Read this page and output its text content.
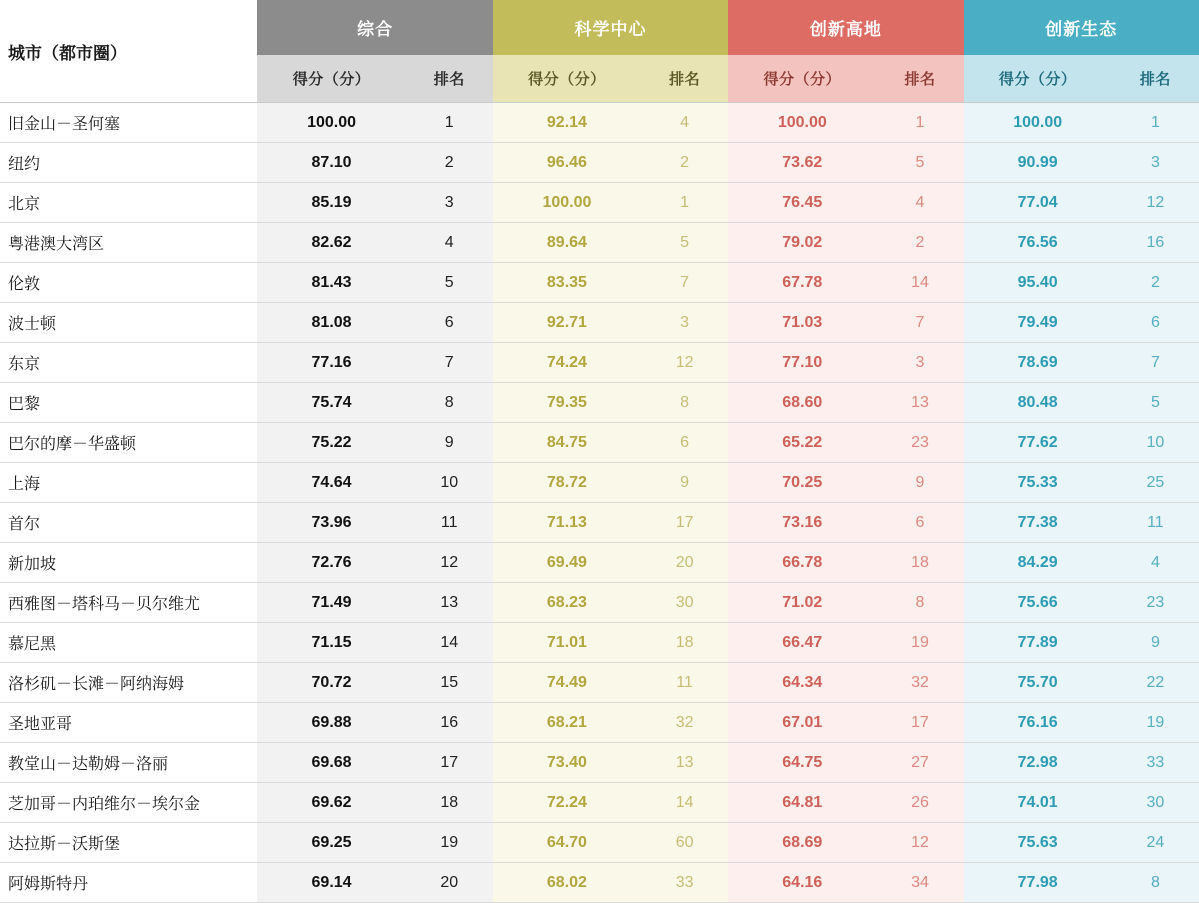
城市（都市圈）	综合		科学中心		创新高地		创新生态	
	得分（分）	排名	得分（分）	排名	得分（分）	排名	得分（分）	排名
旧金山－圣何塞	100.00	1	92.14	4	100.00	1	100.00	1
纽约	87.10	2	96.46	2	73.62	5	90.99	3
北京	85.19	3	100.00	1	76.45	4	77.04	12
粤港澳大湾区	82.62	4	89.64	5	79.02	2	76.56	16
伦敦	81.43	5	83.35	7	67.78	14	95.40	2
波士顿	81.08	6	92.71	3	71.03	7	79.49	6
东京	77.16	7	74.24	12	77.10	3	78.69	7
巴黎	75.74	8	79.35	8	68.60	13	80.48	5
巴尔的摩－华盛顿	75.22	9	84.75	6	65.22	23	77.62	10
上海	74.64	10	78.72	9	70.25	9	75.33	25
首尔	73.96	11	71.13	17	73.16	6	77.38	11
新加坡	72.76	12	69.49	20	66.78	18	84.29	4
西雅图－塔科马－贝尔维尤	71.49	13	68.23	30	71.02	8	75.66	23
慕尼黑	71.15	14	71.01	18	66.47	19	77.89	9
洛杉矶－长滩－阿纳海姆	70.72	15	74.49	11	64.34	32	75.70	22
圣地亚哥	69.88	16	68.21	32	67.01	17	76.16	19
教堂山－达勒姆－洛丽	69.68	17	73.40	13	64.75	27	72.98	33
芝加哥－内珀维尔－埃尔金	69.62	18	72.24	14	64.81	26	74.01	30
达拉斯－沃斯堡	69.25	19	64.70	60	68.69	12	75.63	24
阿姆斯特丹	69.14	20	68.02	33	64.16	34	77.98	8
